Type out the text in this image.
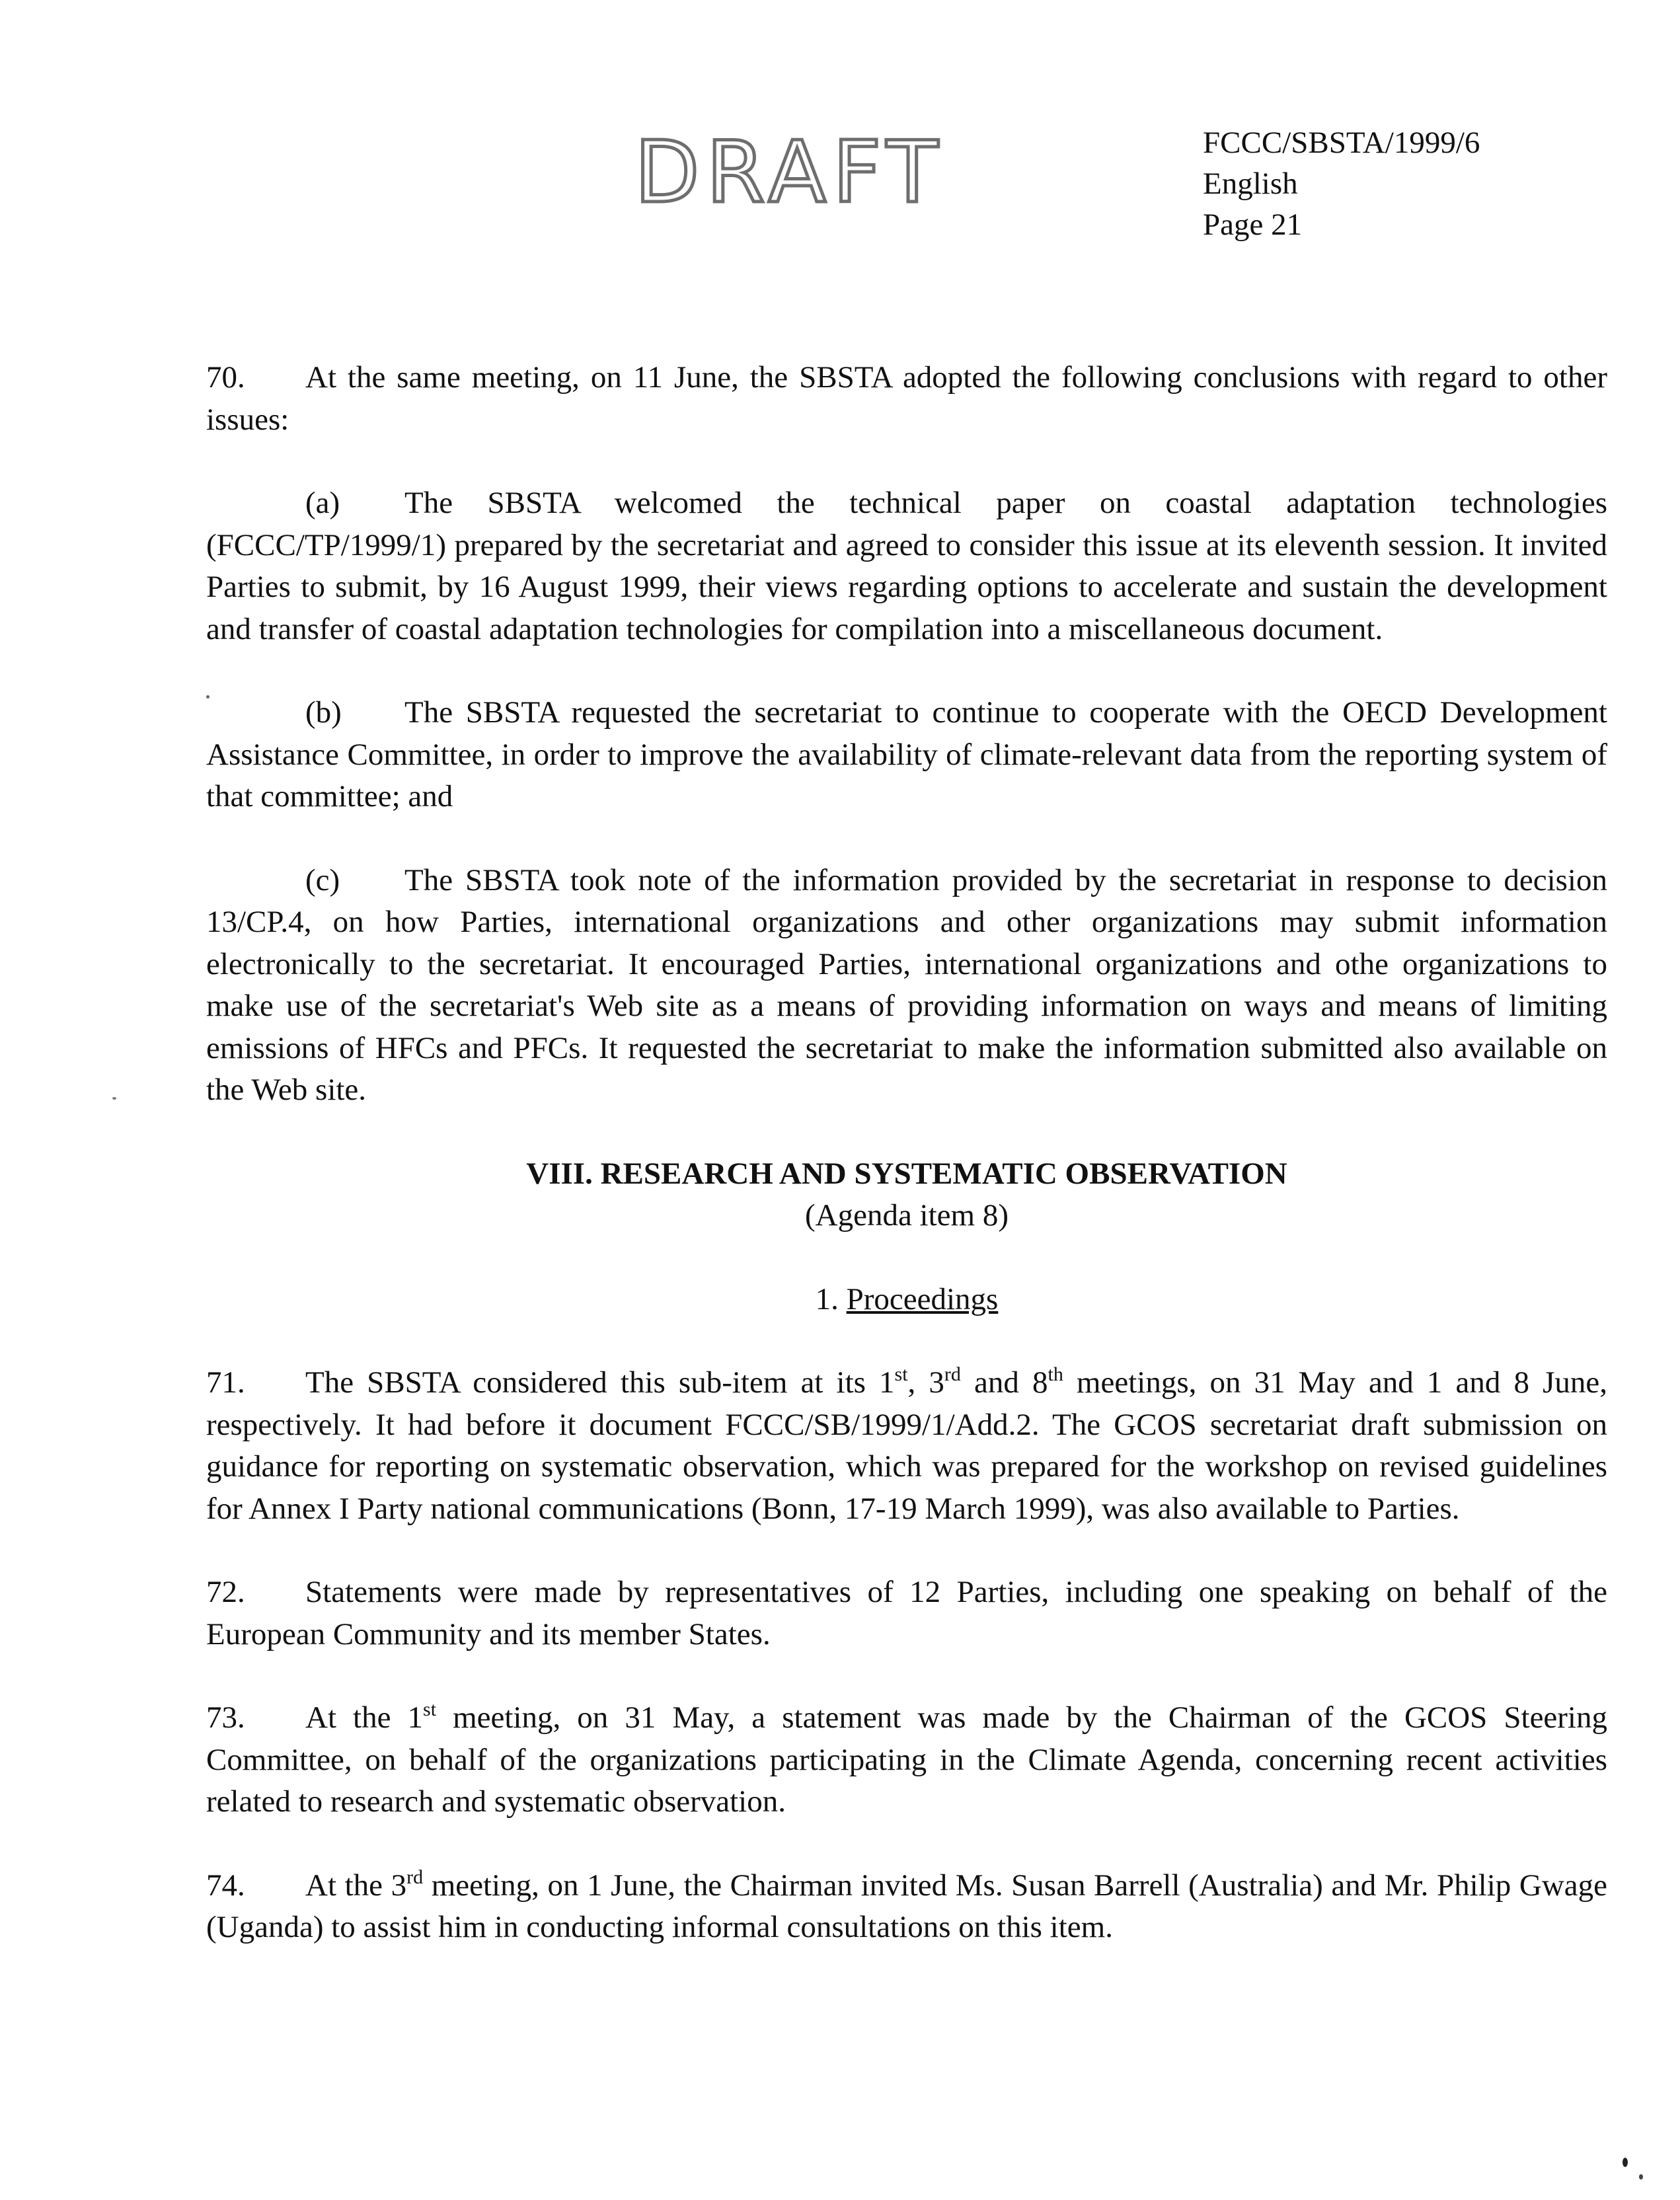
DRAFT	FCCC/SBSTA/1999/6
English
Page 21

70. At the same meeting, on 11 June, the SBSTA adopted the following conclusions with regard to other issues:

(a) The SBSTA welcomed the technical paper on coastal adaptation technologies (FCCC/TP/1999/1) prepared by the secretariat and agreed to consider this issue at its eleventh session. It invited Parties to submit, by 16 August 1999, their views regarding options to accelerate and sustain the development and transfer of coastal adaptation technologies for compilation into a miscellaneous document.

(b) The SBSTA requested the secretariat to continue to cooperate with the OECD Development Assistance Committee, in order to improve the availability of climate-relevant data from the reporting system of that committee; and

(c) The SBSTA took note of the information provided by the secretariat in response to decision 13/CP.4, on how Parties, international organizations and other organizations may submit information electronically to the secretariat. It encouraged Parties, international organizations and othe organizations to make use of the secretariat's Web site as a means of providing information on ways and means of limiting emissions of HFCs and PFCs. It requested the secretariat to make the information submitted also available on the Web site.

VIII. RESEARCH AND SYSTEMATIC OBSERVATION

(Agenda item 8)

1. Proceedings

71. The SBSTA considered this sub-item at its 1st, 3rd and 8th meetings, on 31 May and 1 and 8 June, respectively. It had before it document FCCC/SB/1999/1/Add.2. The GCOS secretariat draft submission on guidance for reporting on systematic observation, which was prepared for the workshop on revised guidelines for Annex I Party national communications (Bonn, 17-19 March 1999), was also available to Parties.

72. Statements were made by representatives of 12 Parties, including one speaking on behalf of the European Community and its member States.

73. At the 1st meeting, on 31 May, a statement was made by the Chairman of the GCOS Steering Committee, on behalf of the organizations participating in the Climate Agenda, concerning recent activities related to research and systematic observation.

74. At the 3rd meeting, on 1 June, the Chairman invited Ms. Susan Barrell (Australia) and Mr. Philip Gwage (Uganda) to assist him in conducting informal consultations on this item.
